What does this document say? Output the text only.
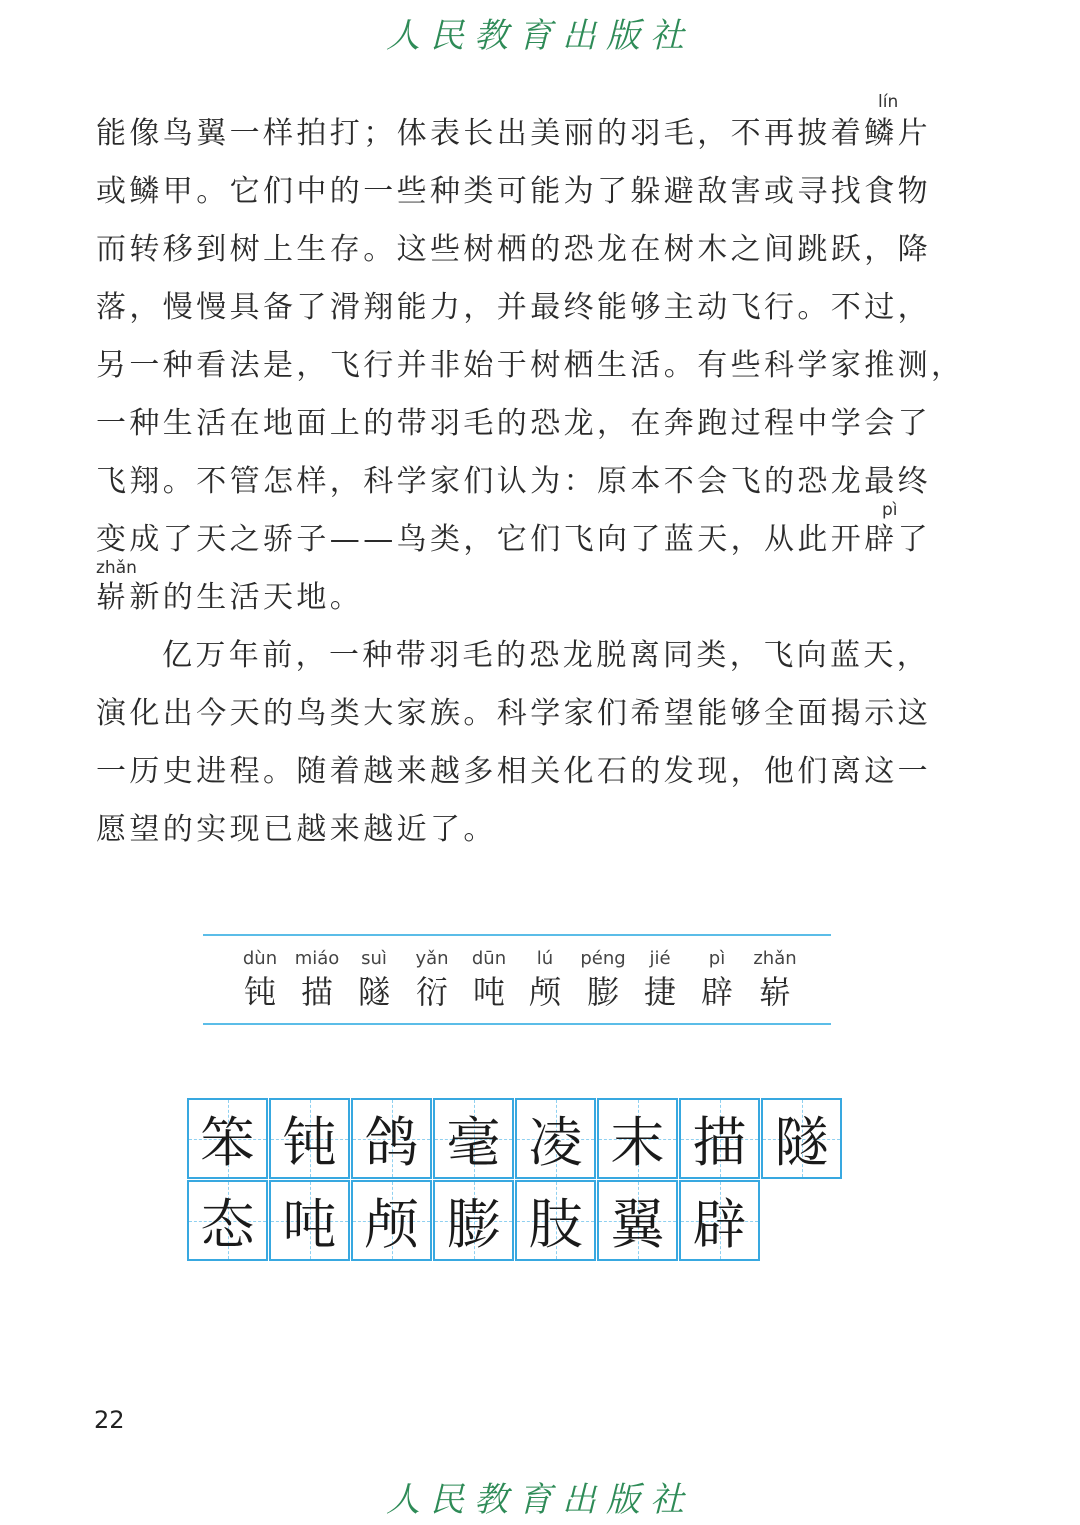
人民教育出版社
lín
能像鸟翼一样拍打；体表长出美丽的羽毛，不再披着鳞片
或鳞甲。它们中的一些种类可能为了躲避敌害或寻找食物
而转移到树上生存。这些树栖的恐龙在树木之间跳跃，降
落，慢慢具备了滑翔能力，并最终能够主动飞行。不过，
另一种看法是，飞行并非始于树栖生活。有些科学家推测，
一种生活在地面上的带羽毛的恐龙，在奔跑过程中学会了
飞翔。不管怎样，科学家们认为：原本不会飞的恐龙最终
pì
变成了天之骄子——鸟类，它们飞向了蓝天，从此开辟了
zhǎn
崭新的生活天地。
亿万年前，一种带羽毛的恐龙脱离同类，飞向蓝天，
演化出今天的鸟类大家族。科学家们希望能够全面揭示这
一历史进程。随着越来越多相关化石的发现，他们离这一
愿望的实现已越来越近了。
dùn
钝
miáo
描
suì
隧
yǎn
衍
dūn
吨
lú
颅
péng
膨
jié
捷
pì
辟
zhǎn
崭
笨 钝 鸽 毫 凌 末 描 隧
态 吨 颅 膨 肢 翼 辟
22
人民教育出版社
